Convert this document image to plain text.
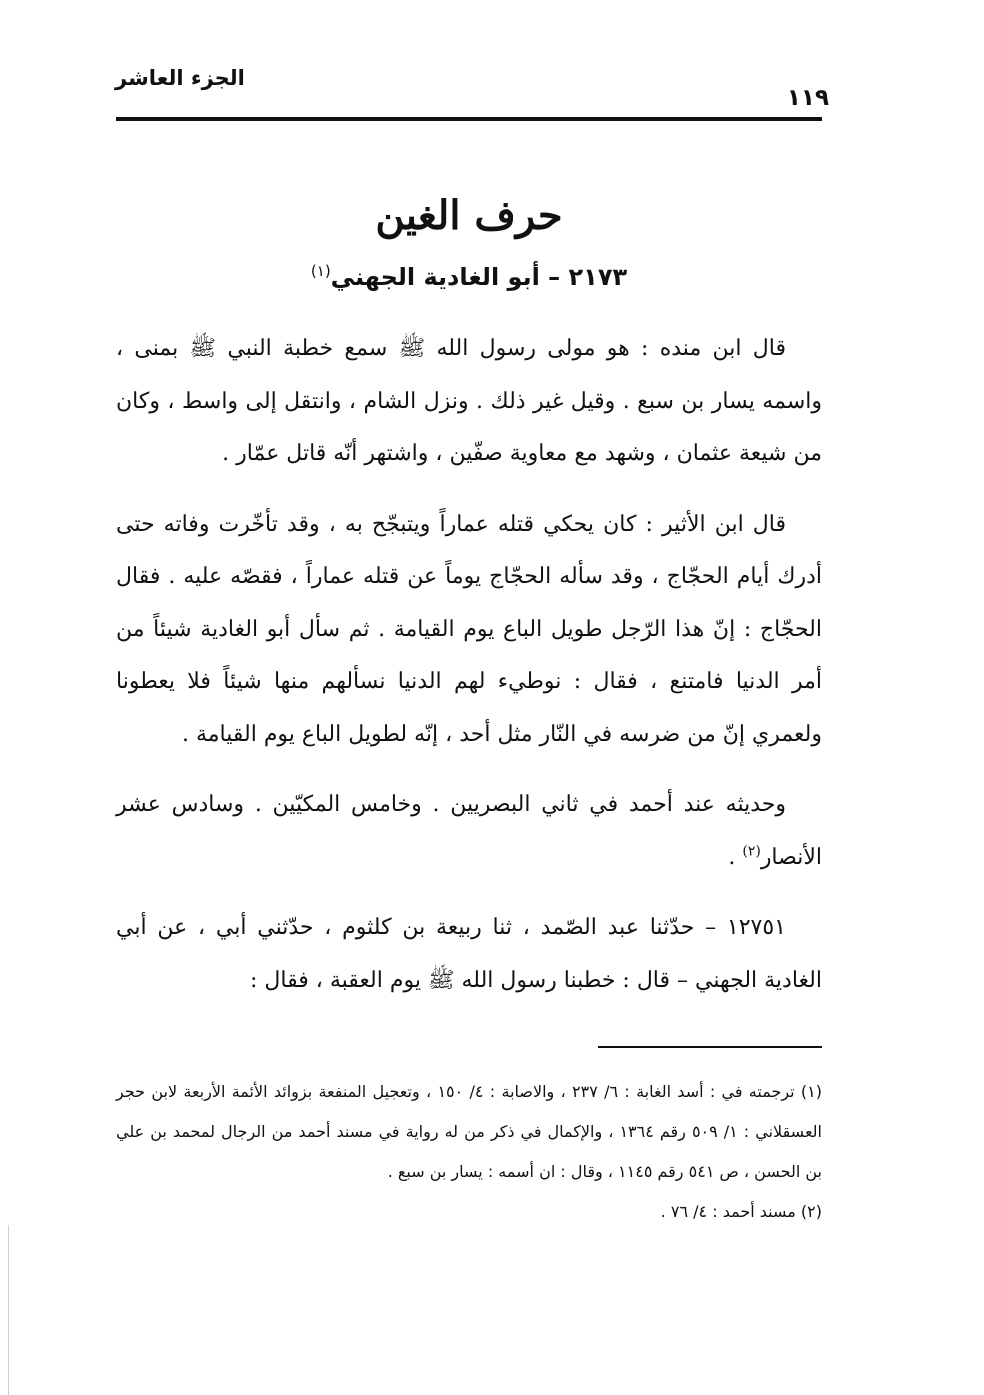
الجزء العاشر
١١٩
حرف الغين
٢١٧٣ – أبو الغادية الجهني$^{(١)}$

قال ابن منده : هو مولى رسول الله ﷺ سمع خطبة النبي ﷺ بمنى ، واسمه يسار بن سبع . وقيل غير ذلك . ونزل الشام ، وانتقل إلى واسط ، وكان من شيعة عثمان ، وشهد مع معاوية صفّين ، واشتهر أنّه قاتل عمّار .

قال ابن الأثير : كان يحكي قتله عماراً ويتبجّح به ، وقد تأخّرت وفاته حتى أدرك أيام الحجّاج ، وقد سأله الحجّاج يوماً عن قتله عماراً ، فقصّه عليه . فقال الحجّاج : إنّ هذا الرّجل طويل الباع يوم القيامة . ثم سأل أبو الغادية شيئاً من أمر الدنيا فامتنع ، فقال : نوطيء لهم الدنيا نسألهم منها شيئاً فلا يعطونا ولعمري إنّ من ضرسه في النّار مثل أحد ، إنّه لطويل الباع يوم القيامة .

وحديثه عند أحمد في ثاني البصريين . وخامس المكيّين . وسادس عشر الأنصار$^{(٢)}$ .

١٢٧٥١ – حدّثنا عبد الصّمد ، ثنا ربيعة بن كلثوم ، حدّثني أبي ، عن أبي الغادية الجهني – قال : خطبنا رسول الله ﷺ يوم العقبة ، فقال :

(١) ترجمته في : أسد الغابة : ٦/ ٢٣٧ ، والاصابة : ٤/ ١٥٠ ، وتعجيل المنفعة بزوائد الأئمة الأربعة لابن حجر العسقلاني : ١/ ٥٠٩ رقم ١٣٦٤ ، والإكمال في ذكر من له رواية في مسند أحمد من الرجال لمحمد بن علي بن الحسن ، ص ٥٤١ رقم ١١٤٥ ، وقال : ان أسمه : يسار بن سبع .

(٢) مسند أحمد : ٤/ ٧٦ .
